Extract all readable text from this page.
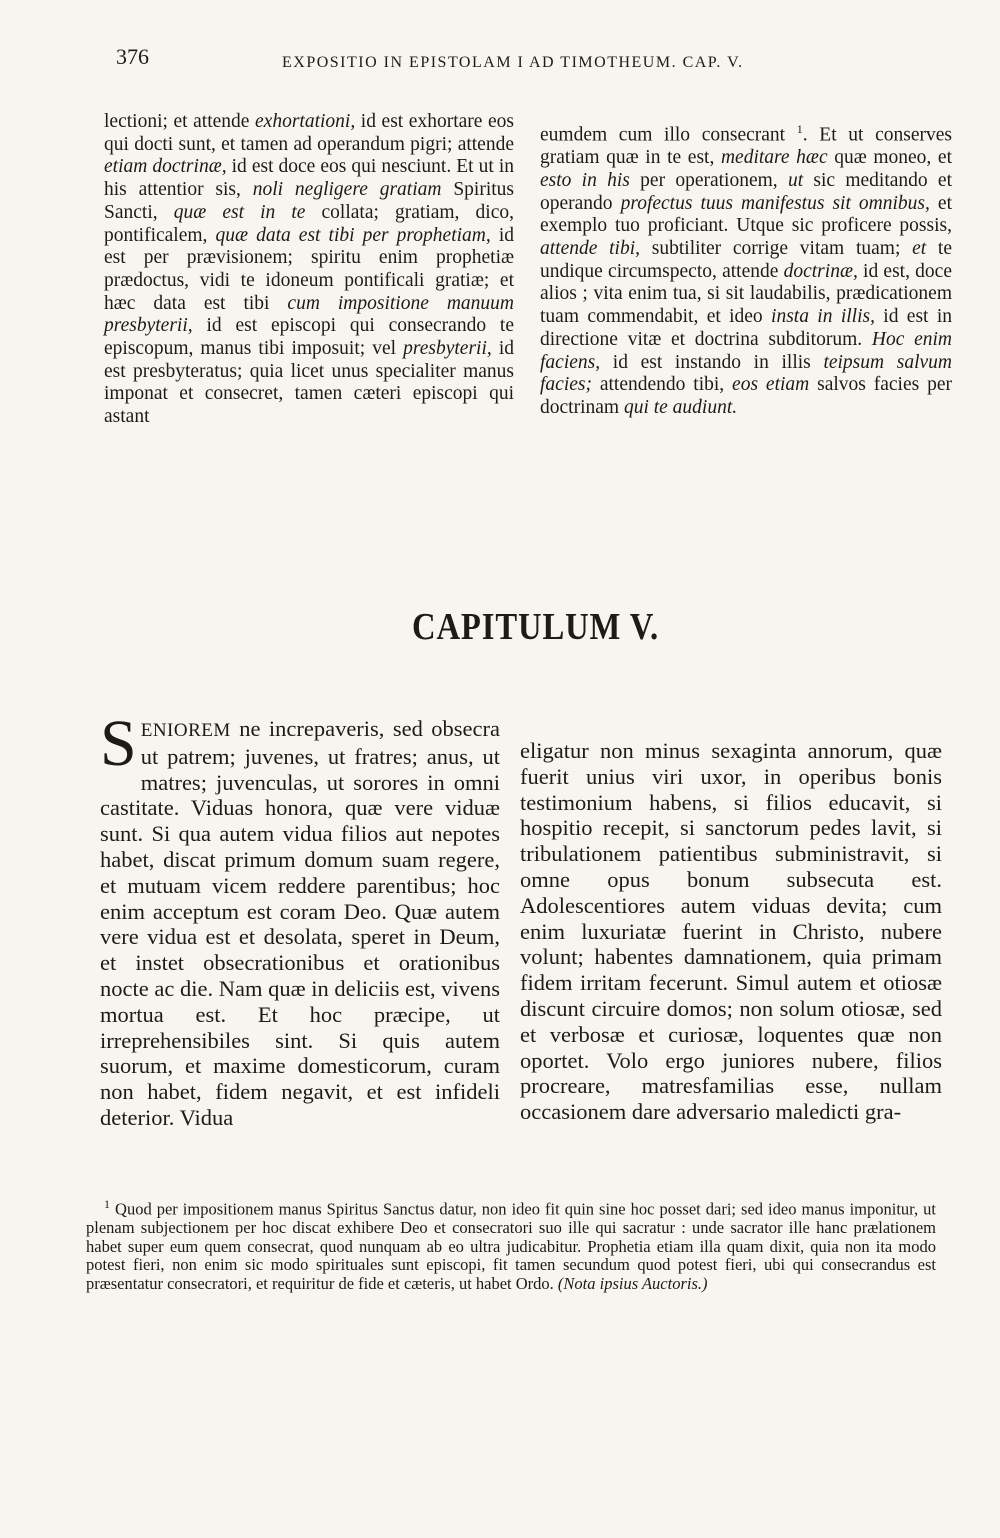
376	EXPOSITIO IN EPISTOLAM I AD TIMOTHEUM. CAP. V.

lectioni; et attende exhortationi, id est exhortare eos qui docti sunt, et tamen ad operandum pigri; attende etiam doctrinæ, id est doce eos qui nesciunt. Et ut in his attentior sis, noli negligere gratiam Spiritus Sancti, quæ est in te collata; gratiam, dico, pontificalem, quæ data est tibi per prophetiam, id est per prævisionem; spiritu enim prophetiæ prædoctus, vidi te idoneum pontificali gratiæ; et hæc data est tibi cum impositione manuum presbyterii, id est episcopi qui consecrando te episcopum, manus tibi imposuit; vel presbyterii, id est presbyteratus; quia licet unus specialiter manus imponat et consecret, tamen cæteri episcopi qui astant

eumdem cum illo consecrant $^1$. Et ut conserves gratiam quæ in te est, meditare hæc quæ moneo, et esto in his per operationem, ut sic meditando et operando profectus tuus manifestus sit omnibus, et exemplo tuo proficiant. Utque sic proficere possis, attende tibi, subtiliter corrige vitam tuam; et te undique circumspecto, attende doctrinæ, id est, doce alios ; vita enim tua, si sit laudabilis, prædicationem tuam commendabit, et ideo insta in illis, id est in directione vitæ et doctrina subditorum. Hoc enim faciens, id est instando in illis teipsum salvum facies; attendendo tibi, eos etiam salvos facies per doctrinam qui te audiunt.

CAPITULUM V.

SENIOREM ne increpaveris, sed obsecra ut patrem; juvenes, ut fratres; anus, ut matres; juvenculas, ut sorores in omni castitate. Viduas honora, quæ vere viduæ sunt. Si qua autem vidua filios aut nepotes habet, discat primum domum suam regere, et mutuam vicem reddere parentibus; hoc enim acceptum est coram Deo. Quæ autem vere vidua est et desolata, speret in Deum, et instet obsecrationibus et orationibus nocte ac die. Nam quæ in deliciis est, vivens mortua est. Et hoc præcipe, ut irreprehensibiles sint. Si quis autem suorum, et maxime domesticorum, curam non habet, fidem negavit, et est infideli deterior. Vidua

eligatur non minus sexaginta annorum, quæ fuerit unius viri uxor, in operibus bonis testimonium habens, si filios educavit, si hospitio recepit, si sanctorum pedes lavit, si tribulationem patientibus subministravit, si omne opus bonum subsecuta est. Adolescentiores autem viduas devita; cum enim luxuriatæ fuerint in Christo, nubere volunt; habentes damnationem, quia primam fidem irritam fecerunt. Simul autem et otiosæ discunt circuire domos; non solum otiosæ, sed et verbosæ et curiosæ, loquentes quæ non oportet. Volo ergo juniores nubere, filios procreare, matresfamilias esse, nullam occasionem dare adversario maledicti gra-

$^1$ Quod per impositionem manus Spiritus Sanctus datur, non ideo fit quin sine hoc posset dari; sed ideo manus imponitur, ut plenam subjectionem per hoc discat exhibere Deo et consecratori suo ille qui sacratur : unde sacrator ille hanc prælationem habet super eum quem consecrat, quod nunquam ab eo ultra judicabitur. Prophetia etiam illa quam dixit, quia non ita modo potest fieri, non enim sic modo spirituales sunt episcopi, fit tamen secundum quod potest fieri, ubi qui consecrandus est præsentatur consecratori, et requiritur de fide et cæteris, ut habet Ordo. (Nota ipsius Auctoris.)
